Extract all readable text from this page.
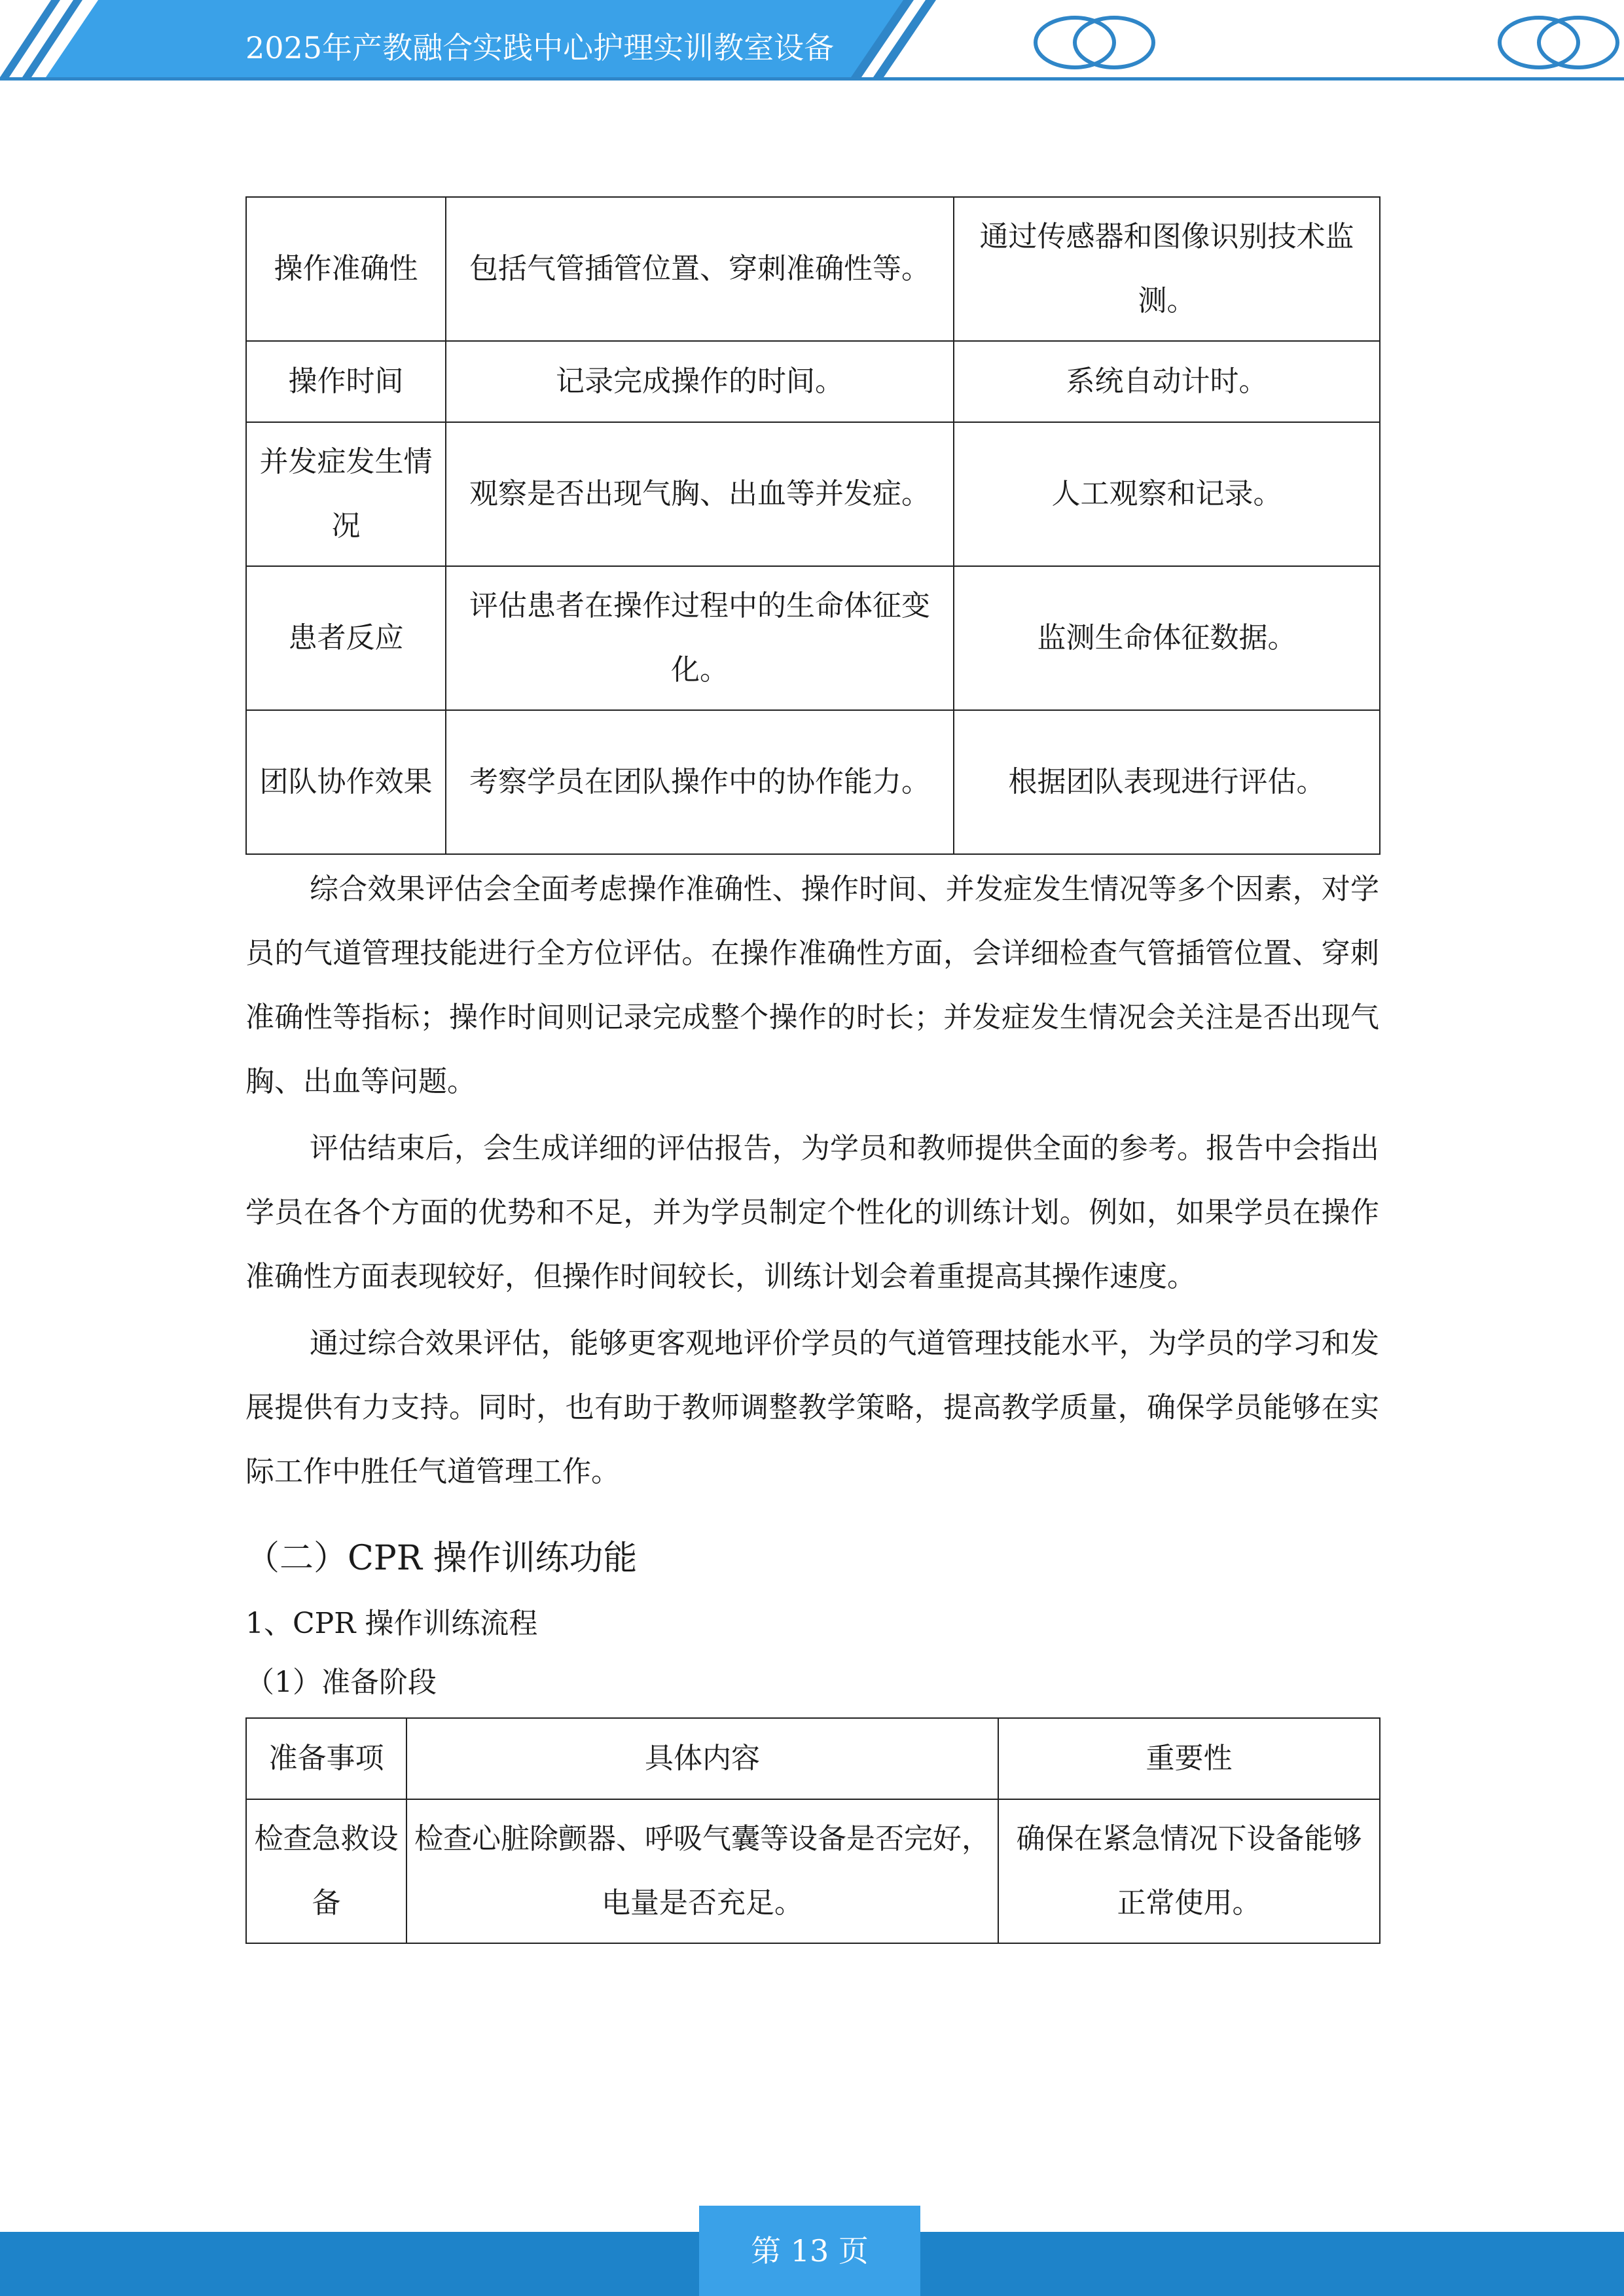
2025年产教融合实践中心护理实训教室设备
操作准确性	包括气管插管位置、穿刺准确性等。	通过传感器和图像识别技术监测。
操作时间	记录完成操作的时间。	系统自动计时。
并发症发生情况	观察是否出现气胸、出血等并发症。	人工观察和记录。
患者反应	评估患者在操作过程中的生命体征变化。	监测生命体征数据。
团队协作效果	考察学员在团队操作中的协作能力。	根据团队表现进行评估。

综合效果评估会全面考虑操作准确性、操作时间、并发症发生情况等多个因素，对学员的气道管理技能进行全方位评估。在操作准确性方面，会详细检查气管插管位置、穿刺准确性等指标；操作时间则记录完成整个操作的时长；并发症发生情况会关注是否出现气胸、出血等问题。

评估结束后，会生成详细的评估报告，为学员和教师提供全面的参考。报告中会指出学员在各个方面的优势和不足，并为学员制定个性化的训练计划。例如，如果学员在操作准确性方面表现较好，但操作时间较长，训练计划会着重提高其操作速度。

通过综合效果评估，能够更客观地评价学员的气道管理技能水平，为学员的学习和发展提供有力支持。同时，也有助于教师调整教学策略，提高教学质量，确保学员能够在实际工作中胜任气道管理工作。

（二）CPR 操作训练功能
1、CPR 操作训练流程
（1）准备阶段
准备事项	具体内容	重要性
检查急救设备	检查心脏除颤器、呼吸气囊等设备是否完好，电量是否充足。	确保在紧急情况下设备能够正常使用。
第 13 页
